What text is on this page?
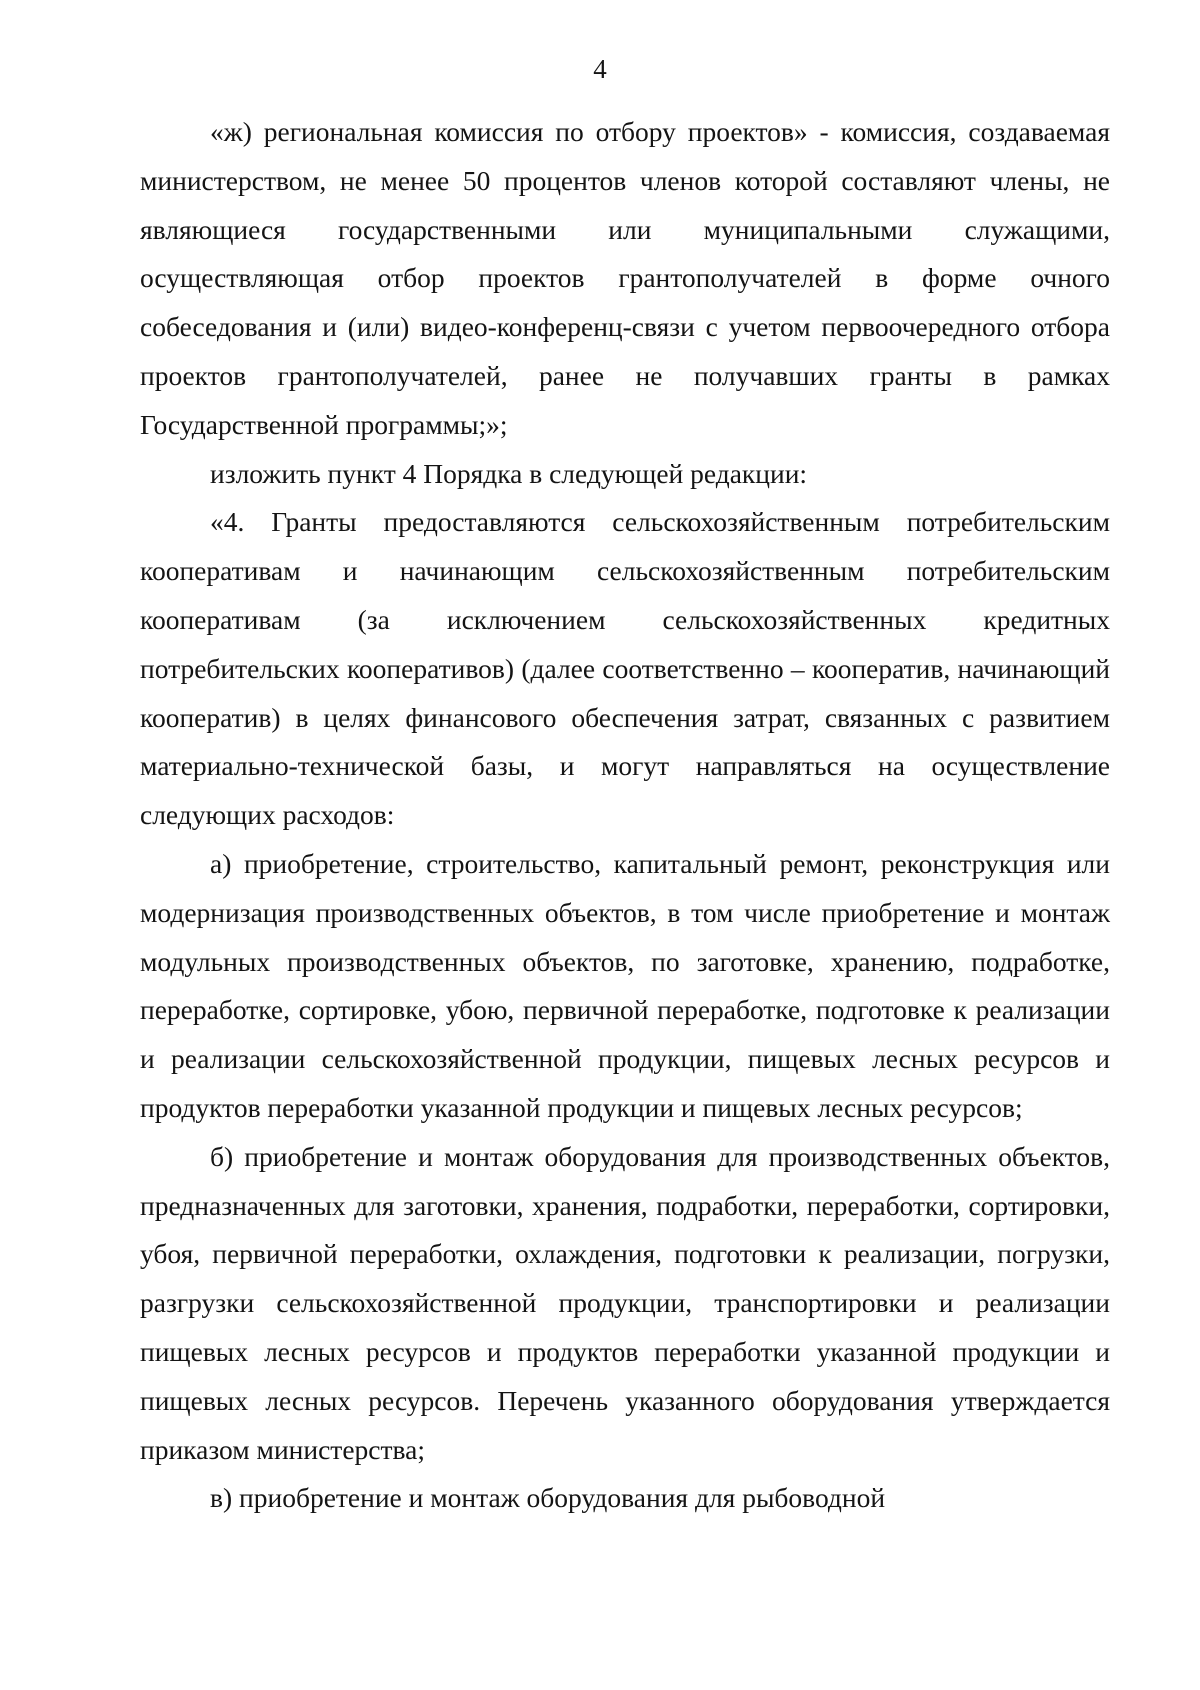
4

«ж) региональная комиссия по отбору проектов» - комиссия, создаваемая министерством, не менее 50 процентов членов которой составляют члены, не являющиеся государственными или муниципальными служащими, осуществляющая отбор проектов грантополучателей в форме очного собеседования и (или) видео-конференц-связи с учетом первоочередного отбора проектов грантополучателей, ранее не получавших гранты в рамках Государственной программы;»;

изложить пункт 4 Порядка в следующей редакции:

«4. Гранты предоставляются сельскохозяйственным потребительским кооперативам и начинающим сельскохозяйственным потребительским кооперативам (за исключением сельскохозяйственных кредитных потребительских кооперативов) (далее соответственно – кооператив, начинающий кооператив) в целях финансового обеспечения затрат, связанных с развитием материально-технической базы, и могут направляться на осуществление следующих расходов:

а) приобретение, строительство, капитальный ремонт, реконструкция или модернизация производственных объектов, в том числе приобретение и монтаж модульных производственных объектов, по заготовке, хранению, подработке, переработке, сортировке, убою, первичной переработке, подготовке к реализации и реализации сельскохозяйственной продукции, пищевых лесных ресурсов и продуктов переработки указанной продукции и пищевых лесных ресурсов;

б) приобретение и монтаж оборудования для производственных объектов, предназначенных для заготовки, хранения, подработки, переработки, сортировки, убоя, первичной переработки, охлаждения, подготовки к реализации, погрузки, разгрузки сельскохозяйственной продукции, транспортировки и реализации пищевых лесных ресурсов и продуктов переработки указанной продукции и пищевых лесных ресурсов. Перечень указанного оборудования утверждается приказом министерства;

в) приобретение и монтаж оборудования для рыбоводной
